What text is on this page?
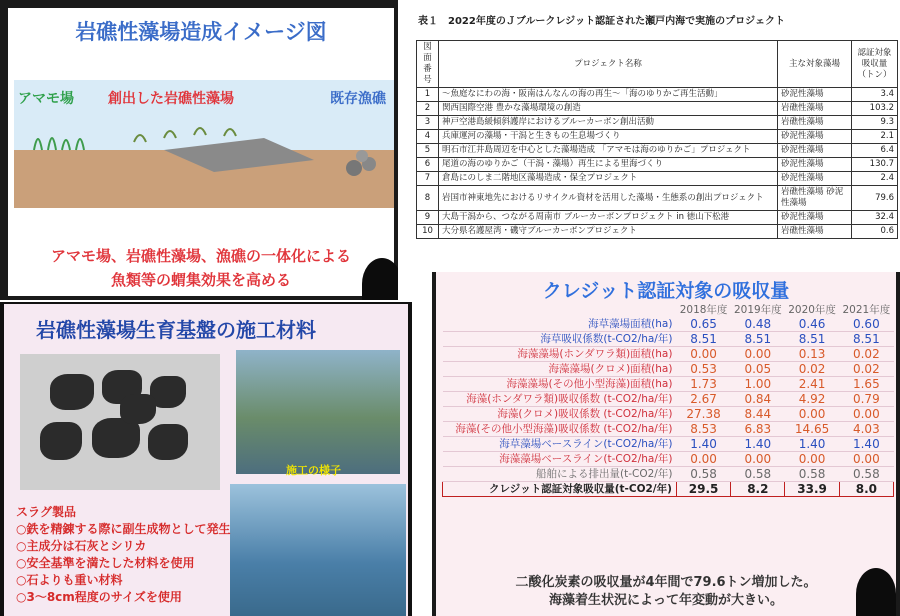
岩礁性藻場造成イメージ図
アマモ場 創出した岩礁性藻場	既存漁礁
アマモ場、岩礁性藻場、漁礁の一体化による
魚類等の蝟集効果を高める
表１　2022年度のＪブルークレジット認証された瀬戸内海で実施のプロジェクト
図面番号	プロジェクト名称	主な対象藻場	認証対象吸収量（トン）
1	～魚庭なにわの海・阪南はんなんの海の再生～「海のゆりかご再生活動」	砂泥性藻場	3.4
2	関西国際空港 豊かな藻場環境の創造	岩礁性藻場	103.2
3	神戸空港島緩傾斜護岸におけるブルーカーボン創出活動	岩礁性藻場	9.3
4	兵庫運河の藻場・干潟と生きもの生息場づくり	砂泥性藻場	2.1
5	明石市江井島周辺を中心とした藻場造成 「アマモは海のゆりかご」プロジェクト	砂泥性藻場	6.4
6	尾道の海のゆりかご（干潟・藻場）再生による里海づくり	砂泥性藻場	130.7
7	倉島にのしま二階地区藻場造成・保全プロジェクト	砂泥性藻場	2.4
8	岩国市神東地先におけるリサイクル資材を活用した藻場・生態系の創出プロジェクト	岩礁性藻場 砂泥性藻場	79.6
9	大島干潟から、つながる周南市 ブルーカーボンプロジェクト in 徳山下松港	砂泥性藻場	32.4
10	大分県名護屋湾・磯守ブルーカーボンプロジェクト	岩礁性藻場	0.6
岩礁性藻場生育基盤の施工材料
施工の様子
スラグ製品
○鉄を精錬する際に副生成物として発生
○主成分は石灰とシリカ
○安全基準を満たした材料を使用
○石よりも重い材料
○3～8cm程度のサイズを使用
クレジット認証対象の吸収量
	2018年度	2019年度	2020年度	2021年度
海草藻場面積(ha)	0.65	0.48	0.46	0.60
海草吸収係数(t-CO2/ha/年)	8.51	8.51	8.51	8.51
海藻藻場(ホンダワラ類)面積(ha)	0.00	0.00	0.13	0.02
海藻藻場(クロメ)面積(ha)	0.53	0.05	0.02	0.02
海藻藻場(その他小型海藻)面積(ha)	1.73	1.00	2.41	1.65
海藻(ホンダワラ類)吸収係数 (t-CO2/ha/年)	2.67	0.84	4.92	0.79
海藻(クロメ)吸収係数 (t-CO2/ha/年)	27.38	8.44	0.00	0.00
海藻(その他小型海藻)吸収係数 (t-CO2/ha/年)	8.53	6.83	14.65	4.03
海草藻場ベースライン(t-CO2/ha/年)	1.40	1.40	1.40	1.40
海藻藻場ベースライン(t-CO2/ha/年)	0.00	0.00	0.00	0.00
船舶による排出量(t-CO2/年)	0.58	0.58	0.58	0.58
クレジット認証対象吸収量(t-CO2/年)	29.5	8.2	33.9	8.0
二酸化炭素の吸収量が4年間で79.6トン増加した。
海藻着生状況によって年変動が大きい。
